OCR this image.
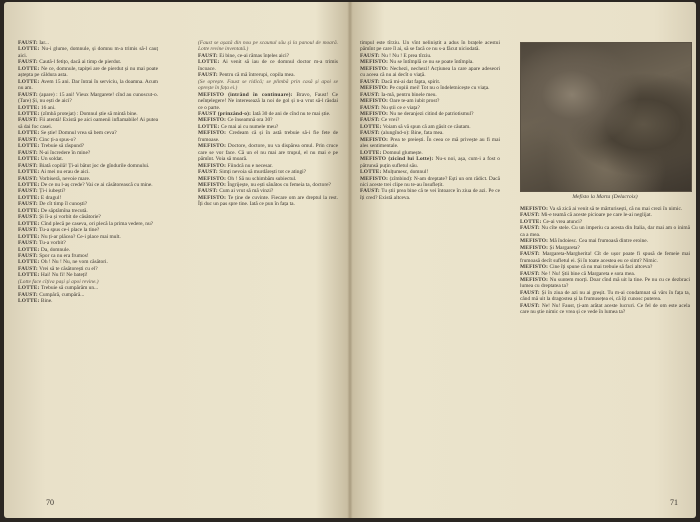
FAUST: Iar...

LOTTE: Nu-i glume, domnule, și domnu m-a trimis să-l cauț aici.

FAUST: Caută-l fetițo, dacă ai timp de pierdut.

LOTTE: Ne ce, domnule, tapiței are de pierdut și nu mai poate aștepta pe căldura asta.

LOTTE: Avem 15 ani. Dar întrai în serviciu, la doamna. Acum nu am.

FAUST: (apare) : 15 ani! Vieux Margarete! cînd au cunoscut-o. (Tare) Și, nu ești de aici?

LOTTE: 16 ani.

LOTTE: (zîmbă protejat) : Domnul știe să mintă bine.

FAUST: Fii atentă! Există pe aici oamenii inflamabile! Ai putea să dai foc casei.

LOTTE: Se știe! Domnul vrea să bem ceva?

FAUST: Cinc ți-a spus-o?

LOTTE: Trebuie să răspund?

FAUST: N-ai încredere în mine?

LOTTE: Un soldat.

FAUST: Biată copilă! Ți-ai bătut joc de gîndurile domnului.

LOTTE: Ai mei nu erau de aici.

FAUST: Vorbiseră, nevoie mare.

LOTTE: De ce nu l-aș crede? Vai ce ai căsătorească cu mine.

FAUST: Ți-i iubești?

LOTTE: E dragul!

FAUST: De cît timp îl cunoști?

LOTTE: De săptămîna trecută.

FAUST: Și îi-a și vorbit de căsătorie?

LOTTE: Cînd plecă pe caseva, ori plecă la prima vedere, nu?

FAUST: Tu-a spus ce-i place la tine?

LOTTE: Nu ți-ar plăcea? Ce-i place mai mult.

FAUST: Tu-a vorbit?

LOTTE: Da, domnule.

FAUST: Spor ca nu era frumos!

LOTTE: Oh ! Nu ! Nu, ne vom căsători.

FAUST: Vrei să te căsătorești cu el?

LOTTE: Hai! Nu fi! Ne bateți!

(Lotte face cîțiva pași și apoi revine.)

LOTTE: Trebuie să cumpărăm un...

FAUST: Cumpără, cumpără...

LOTTE: Bine.

(Faust se așază din nou pe scaunul său și la panoul de moară. Lotte revine inventată.)

FAUST: Ei bine, ce-ai rămas înțeles aici?

LOTTE: Ai venit să iau de ce domnul doctor m-a trimis încoace.

FAUST: Pentru că mă întrerupi, copila mea.

(Se oprește. Faust se ridică; se plimbă prin casă și apoi se oprește în fața ei.)

MEFISTO (intrând în continuare): Bravo, Faust! Ce neînțelegere! Ne interesează la noi de gol și n-a vrut să-l răsdai ce o parte.

FAUST (prinzând-o): Iată 30 de ani de cînd nu te mai știe.

MEFISTO: Ce înseamnă ora 30?

LOTTE: Ce mai ai cu numele meu?

MEFISTO: Credeam că și în astă trebuie să-i fie fete de frumoase.

MEFISTO: Doctore, doctore, nu va dispărea omul. Prin cruce care se vor face. Că un el nu mai are trupul, el nu mai e pe pămînt. Voia să moară.

MEFISTO: Fiindcă nu e necesar.

FAUST: Simți nevoia să murdărești tot ce atingi?

MEFISTO: Oh ! Să nu schimbăm subiectul.

MEFISTO: Îngrijește, nu ești sănătos cu femeia ta, doctore?

FAUST: Cum ai vrut să mă vinzi?

MEFISTO: Te ține de cuvinte. Fiecare om are dreptul la rest. Îți duc un pas spre tine. Iată ce pun în fața ta.

70

timpul este tîrziu. Un vînt neliniștit a adus în brațele acestui pămînt pe care îl ai, să se facă ce nu s-a făcut niciodată.

FAUST: Nu ! Nu ! E prea tîrziu.

MEFISTO: Nu se întîmplă ce nu se poate întîmpla.

MEFISTO: Nechezi, nechezi! Acțiunea la care apare adeseori cu aceea că nu ai decît o viață.

FAUST: Dacă mi-ai dat fapta, spirit.

MEFISTO: Pe copiii mei! Tot nu o îndeletnicește cu viața.

FAUST: Ia-mă, pentru binele meu.

MEFISTO: Oare te-am iubit prost?

FAUST: Nu știi ce e viața?

MEFISTO: Nu ne deranjezi citind de patriotismul?

FAUST: Ce vrei?

LOTTE: Voiam să vă spun că am găsit ce căutam.

FAUST: (alungînd-o): Bine, fata mea.

MEFISTO: Prea te preiești. În ceea ce mă privește au fi mai ales sentimentale.

LOTTE: Domnul glumește.

MEFISTO (zicînd lui Lotte): Nu-s noi, așa, cum-i a fost o pătrunsă puțin sufletul său.

LOTTE: Mulțumesc, domnul!

MEFISTO: (zîmbind): N-am dreptate? Ești un om rădict. Dacă nici aceste trei clipe nu te-au însuflețit.

FAUST: Tu știi prea bine că te vei întoarce în ziua de azi. Pe ce îți cred? Există altceva.	Mefisto la Marta (Delacroix)

MEFISTO: Va să zică ai venit să te mărturisești, că nu mai crezi în nimic.

FAUST: Mi-e teamă că aceste picioare pe care le-ai neglijat.

LOTTE: Ce-ai vrea atunci?

FAUST: Nu cîte stele. Cu un imperiu ca acesta din Italia, dar mai am o inimă ca a mea.

MEFISTO: Mă îndoiesc. Cea mai frumoasă dintre eroine.

MEFISTO: Și Margareta?

FAUST: Margareta-Margherita! Cît de ușor poate fi spusă de femeie mai frumoasă decît sufletul ei. Și în toate acestea eu ce simt? Nimic.

MEFISTO: Cine îți spune că nu mai trebuie să faci altceva?

FAUST: Ne ! Nu! Știi bine că Margareta e sora mea.

MEFISTO: Nu suntem morți. Doar cînd mă uit la tine. Pe nu cu ce dezbraci lumea cu dreptatea ta?

FAUST: Și în ziua de azi nu ai greșit. Tu m-ai condamnat să vărs în fața ta, când mă uit la dragostea și la frumusețea ei, că îți cunosc puterea.

FAUST: Ne! Nu! Faust, ți-am arătat aceste lucruri. Ce fel de om este acela care nu știe nimic ce vrea și ce vede în lumea ta?

71
